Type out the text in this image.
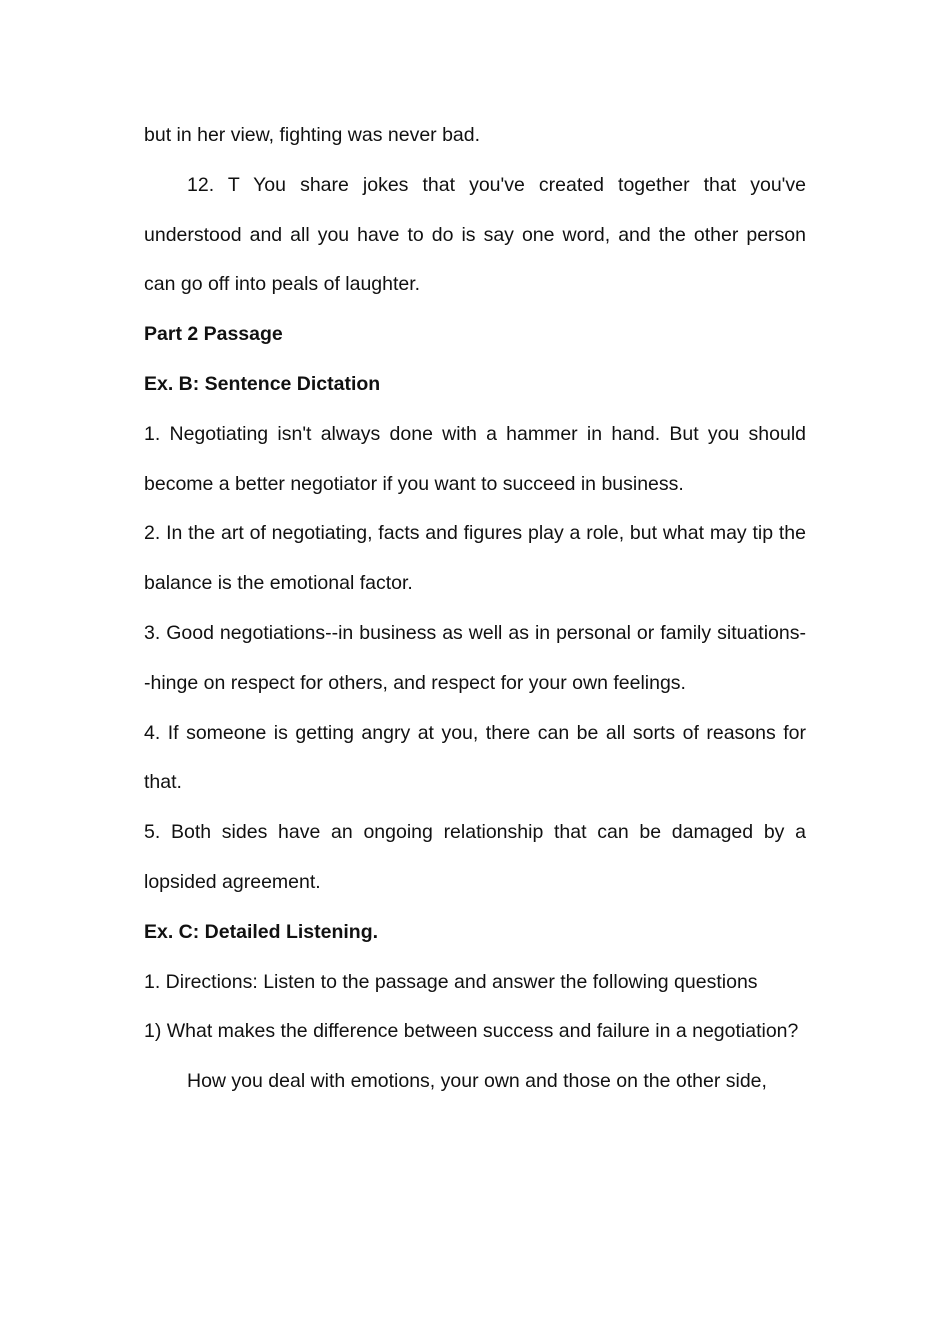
but in her view, fighting was never bad.

12. T You share jokes that you've created together that you've understood and all you have to do is say one word, and the other person can go off into peals of laughter.

Part 2 Passage

Ex. B: Sentence Dictation

1. Negotiating isn't always done with a hammer in hand. But you should become a better negotiator if you want to succeed in business.

2. In the art of negotiating, facts and figures play a role, but what may tip the balance is the emotional factor.

3. Good negotiations--in business as well as in personal or family situations--hinge on respect for others, and respect for your own feelings.

4. If someone is getting angry at you, there can be all sorts of reasons for that.

5. Both sides have an ongoing relationship that can be damaged by a lopsided agreement.

Ex. C: Detailed Listening.

1. Directions: Listen to the passage and answer the following questions

1) What makes the difference between success and failure in a negotiation?

How you deal with emotions, your own and those on the other side,
